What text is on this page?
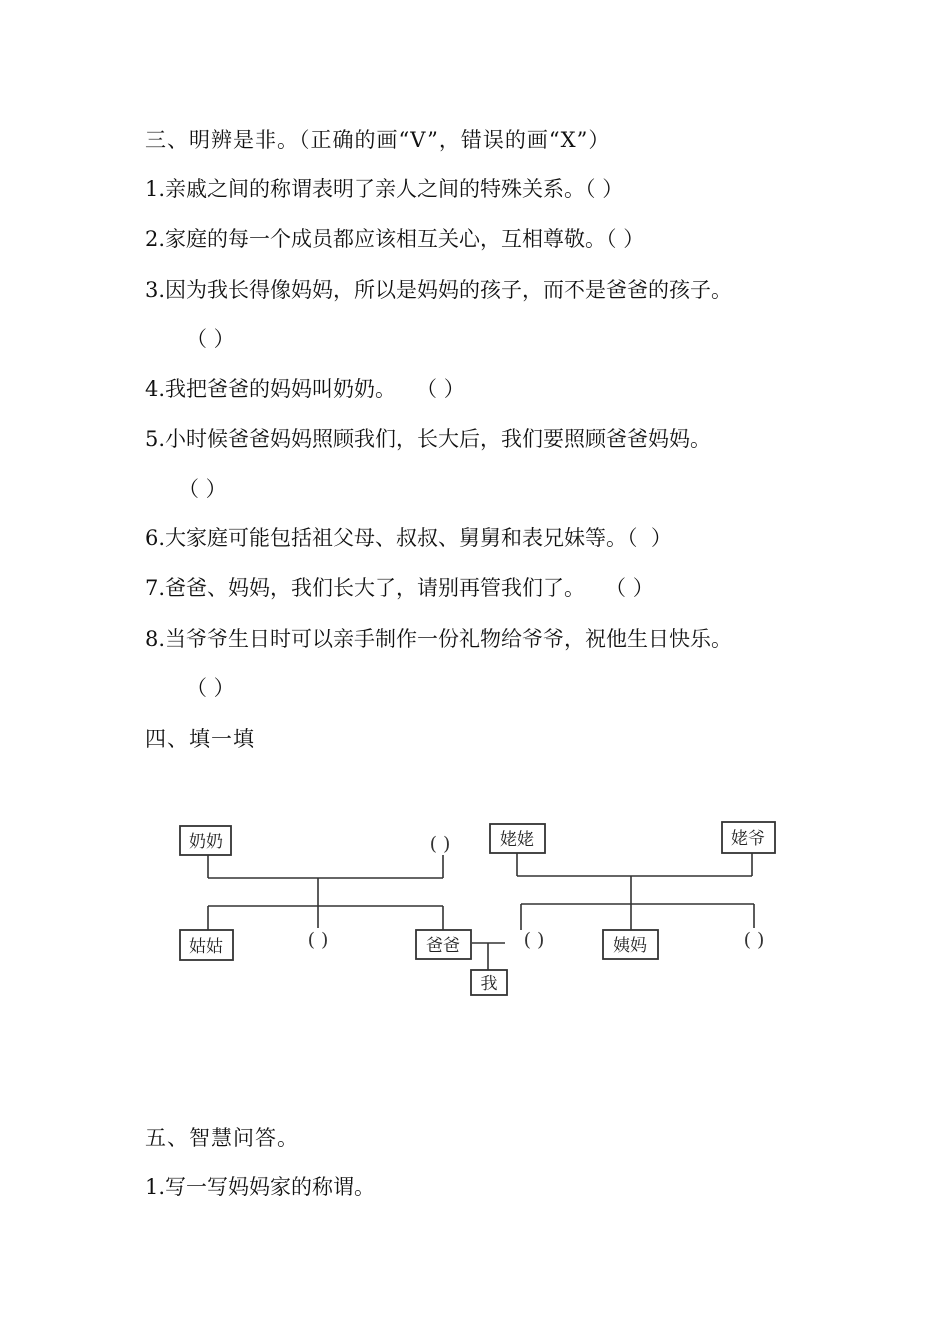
三、明辨是非。（正确的画“V”，错误的画“X”）
1.亲戚之间的称谓表明了亲人之间的特殊关系。（ ）
2.家庭的每一个成员都应该相互关心，互相尊敬。（ ）
3.因为我长得像妈妈，所以是妈妈的孩子，而不是爸爸的孩子。
（ ）
4.我把爸爸的妈妈叫奶奶。   （ ）
5.小时候爸爸妈妈照顾我们，长大后，我们要照顾爸爸妈妈。
（ ）
6.大家庭可能包括祖父母、叔叔、舅舅和表兄妹等。（  ）
7.爸爸、妈妈，我们长大了，请别再管我们了。   （ ）
8.当爷爷生日时可以亲手制作一份礼物给爷爷，祝他生日快乐。
（ ）
四、填一填
奶奶	( )	姥姥	姥爷
姑姑	( )	爸爸	( )	姨妈	( )
我
五、智慧问答。
1.写一写妈妈家的称谓。
